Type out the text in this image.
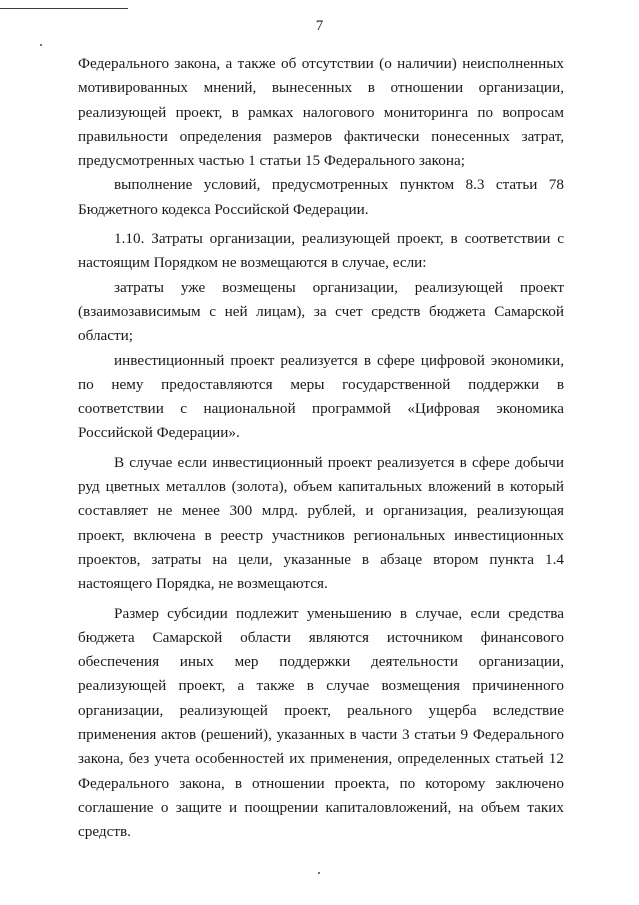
7

Федерального закона, а также об отсутствии (о наличии) неисполненных мотивированных мнений, вынесенных в отношении организации, реализующей проект, в рамках налогового мониторинга по вопросам правильности определения размеров фактически понесенных затрат, предусмотренных частью 1 статьи 15 Федерального закона;

выполнение условий, предусмотренных пунктом 8.3 статьи 78 Бюджетного кодекса Российской Федерации.

1.10. Затраты организации, реализующей проект, в соответствии с настоящим Порядком не возмещаются в случае, если:

затраты уже возмещены организации, реализующей проект (взаимозависимым с ней лицам), за счет средств бюджета Самарской области;

инвестиционный проект реализуется в сфере цифровой экономики, по нему предоставляются меры государственной поддержки в соответствии с национальной программой «Цифровая экономика Российской Федерации».

В случае если инвестиционный проект реализуется в сфере добычи руд цветных металлов (золота), объем капитальных вложений в который составляет не менее 300 млрд. рублей, и организация, реализующая проект, включена в реестр участников региональных инвестиционных проектов, затраты на цели, указанные в абзаце втором пункта 1.4 настоящего Порядка, не возмещаются.

Размер субсидии подлежит уменьшению в случае, если средства бюджета Самарской области являются источником финансового обеспечения иных мер поддержки деятельности организации, реализующей проект, а также в случае возмещения причиненного организации, реализующей проект, реального ущерба вследствие применения актов (решений), указанных в части 3 статьи 9 Федерального закона, без учета особенностей их применения, определенных статьей 12 Федерального закона, в отношении проекта, по которому заключено соглашение о защите и поощрении капиталовложений, на объем таких средств.
